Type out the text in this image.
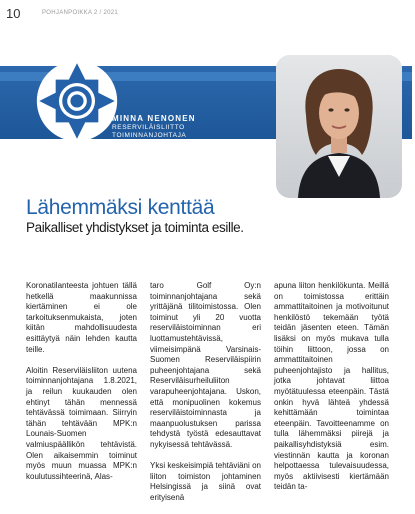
10	POHJANPOIKKA 2 / 2021
MINNA NENONEN
RESERVILÄISLIITTO
TOIMINNANJOHTAJA
Lähemmäksi kenttää
Paikalliset yhdistykset ja toiminta esille.

Koronatilanteesta johtuen tällä hetkellä maakunnissa kiertäminen ei ole tarkoituksenmukaista, joten kiitän mahdollisuudesta esittäytyä näin lehden kautta teille.

Aloitin Reserviläisliiton uutena toiminnanjohtajana 1.8.2021, ja reilun kuukauden olen ehtinyt tähän mennessä tehtävässä toimimaan. Siirryin tähän tehtävään MPK:n Lounais-Suomen valmiuspäällikön tehtävistä. Olen aikaisemmin toiminut myös muun muassa MPK:n koulutussihteerinä, Alas-

taro Golf Oy:n toiminnanjohtajana sekä yrittäjänä tilitoimistossa. Olen toiminut yli 20 vuotta reserviläistoiminnan eri luottamustehtävissä, viimeisimpänä Varsinais-Suomen Reserviläispiirin puheenjohtajana sekä Reserviläisurheiluliiton varapuheenjohtajana. Uskon, että monipuolinen kokemus reserviläistoiminnasta ja maanpuolustuksen parissa tehdystä työstä edesauttavat nykyisessä tehtävässä.

Yksi keskeisimpiä tehtäviäni on liiton toimiston johtaminen Helsingissä ja siinä ovat erityisenä

apuna liiton henkilökunta. Meillä on toimistossa erittäin ammattitaitoinen ja motivoitunut henkilöstö tekemään työtä teidän jäsenten eteen. Tämän lisäksi on myös mukava tulla töihin liittoon, jossa on ammattitaitoinen puheenjohtajisto ja hallitus, jotka johtavat liittoa myötätuulessa eteenpäin. Tästä onkin hyvä lähteä yhdessä kehittämään toimintaa eteenpäin. Tavoitteenamme on tulla lähemmäksi piirejä ja paikallisyhdistyksiä esim. viestinnän kautta ja koronan helpottaessa tulevaisuudessa, myös aktiivisesti kiertämään teidän ta-
